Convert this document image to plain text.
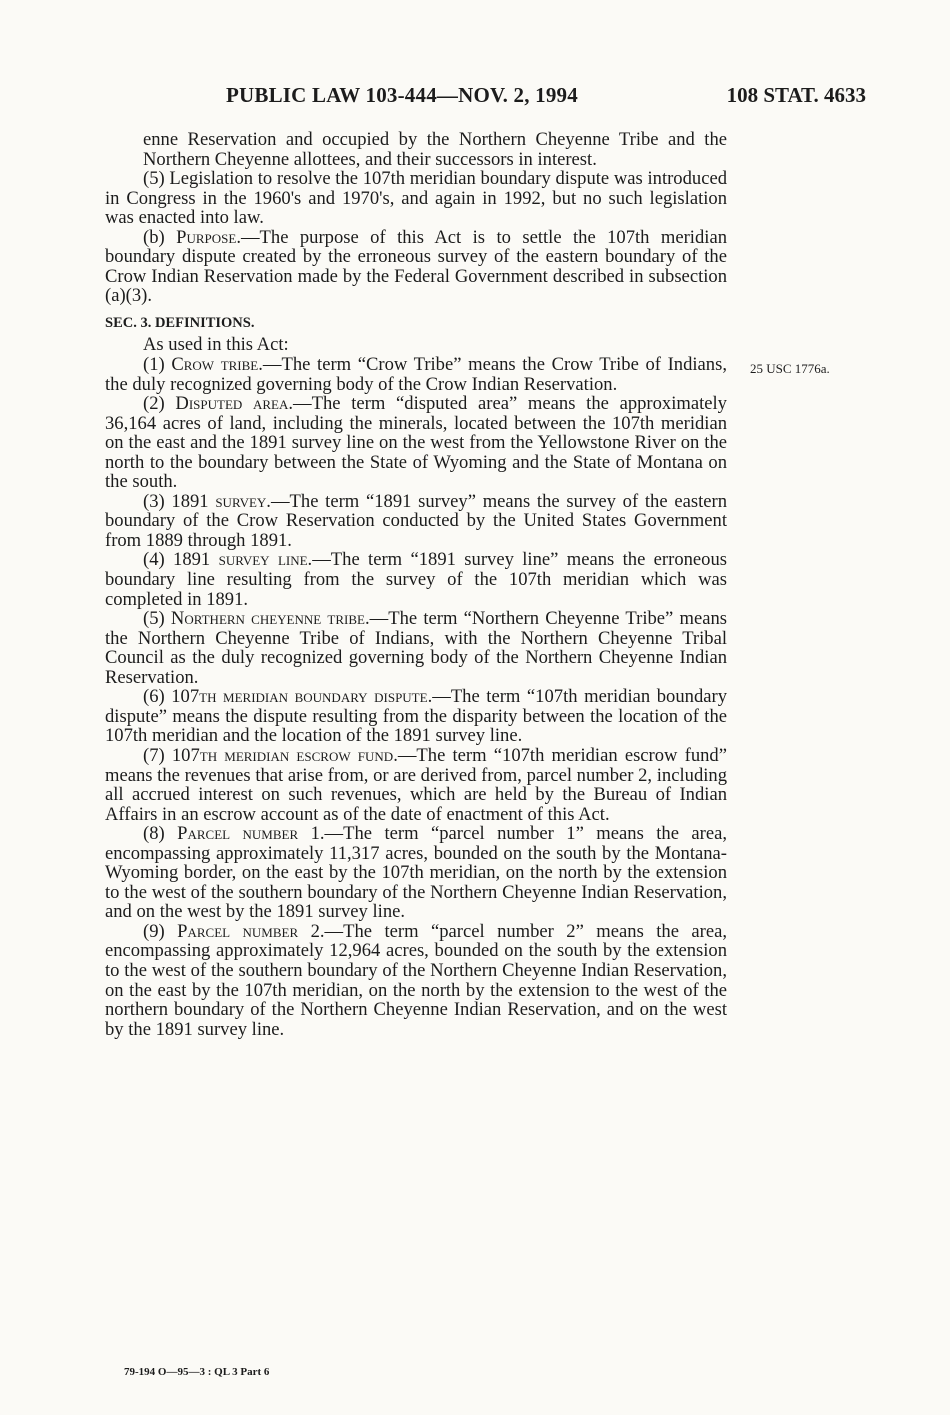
PUBLIC LAW 103-444—NOV. 2, 1994	108 STAT. 4633

enne Reservation and occupied by the Northern Cheyenne Tribe and the Northern Cheyenne allottees, and their successors in interest.

(5) Legislation to resolve the 107th meridian boundary dispute was introduced in Congress in the 1960's and 1970's, and again in 1992, but no such legislation was enacted into law.

(b) Purpose.—The purpose of this Act is to settle the 107th meridian boundary dispute created by the erroneous survey of the eastern boundary of the Crow Indian Reservation made by the Federal Government described in subsection (a)(3).

SEC. 3. DEFINITIONS.

As used in this Act:

(1) Crow tribe.—The term “Crow Tribe” means the Crow Tribe of Indians, the duly recognized governing body of the Crow Indian Reservation.

(2) Disputed area.—The term “disputed area” means the approximately 36,164 acres of land, including the minerals, located between the 107th meridian on the east and the 1891 survey line on the west from the Yellowstone River on the north to the boundary between the State of Wyoming and the State of Montana on the south.

(3) 1891 survey.—The term “1891 survey” means the survey of the eastern boundary of the Crow Reservation conducted by the United States Government from 1889 through 1891.

(4) 1891 survey line.—The term “1891 survey line” means the erroneous boundary line resulting from the survey of the 107th meridian which was completed in 1891.

(5) Northern cheyenne tribe.—The term “Northern Cheyenne Tribe” means the Northern Cheyenne Tribe of Indians, with the Northern Cheyenne Tribal Council as the duly recognized governing body of the Northern Cheyenne Indian Reservation.

(6) 107th meridian boundary dispute.—The term “107th meridian boundary dispute” means the dispute resulting from the disparity between the location of the 107th meridian and the location of the 1891 survey line.

(7) 107th meridian escrow fund.—The term “107th meridian escrow fund” means the revenues that arise from, or are derived from, parcel number 2, including all accrued interest on such revenues, which are held by the Bureau of Indian Affairs in an escrow account as of the date of enactment of this Act.

(8) Parcel number 1.—The term “parcel number 1” means the area, encompassing approximately 11,317 acres, bounded on the south by the Montana-Wyoming border, on the east by the 107th meridian, on the north by the extension to the west of the southern boundary of the Northern Cheyenne Indian Reservation, and on the west by the 1891 survey line.

(9) Parcel number 2.—The term “parcel number 2” means the area, encompassing approximately 12,964 acres, bounded on the south by the extension to the west of the southern boundary of the Northern Cheyenne Indian Reservation, on the east by the 107th meridian, on the north by the extension to the west of the northern boundary of the Northern Cheyenne Indian Reservation, and on the west by the 1891 survey line.

25 USC 1776a.
79-194 O—95—3 : QL 3 Part 6
